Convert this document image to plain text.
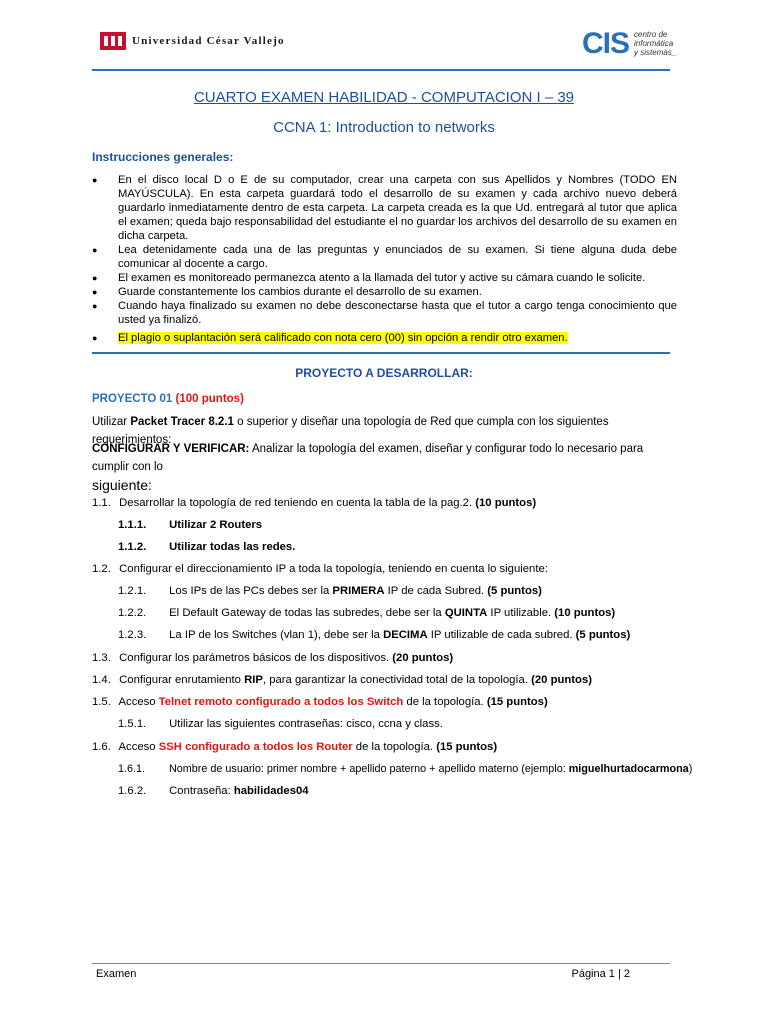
Universidad César Vallejo	CIS centro de
informática
y sistemas_
CUARTO EXAMEN HABILIDAD - COMPUTACION I – 39
CCNA 1: Introduction to networks
Instrucciones generales:
● En el disco local D o E de su computador, crear una carpeta con sus Apellidos y Nombres (TODO EN MAYÚSCULA). En esta carpeta guardará todo el desarrollo de su examen y cada archivo nuevo deberá guardarlo inmediatamente dentro de esta carpeta. La carpeta creada es la que Ud. entregará al tutor que aplica el examen; queda bajo responsabilidad del estudiante el no guardar los archivos del desarrollo de su examen en dicha carpeta.
● Lea detenidamente cada una de las preguntas y enunciados de su examen. Si tiene alguna duda debe comunicar al docente a cargo.
● El examen es monitoreado permanezca atento a la llamada del tutor y active su cámara cuando le solicite.
● Guarde constantemente los cambios durante el desarrollo de su examen.
● Cuando haya finalizado su examen no debe desconectarse hasta que el tutor a cargo tenga conocimiento que usted ya finalizó.
● El plagio o suplantación será calificado con nota cero (00) sin opción a rendir otro examen.
PROYECTO A DESARROLLAR:
PROYECTO 01 (100 puntos)
Utilizar Packet Tracer 8.2.1 o superior y diseñar una topología de Red que cumpla con los siguientes requerimientos:
CONFIGURAR Y VERIFICAR: Analizar la topología del examen, diseñar y configurar todo lo necesario para cumplir con lo
siguiente:
1.1. Desarrollar la topología de red teniendo en cuenta la tabla de la pag.2. (10 puntos)
1.1.1. Utilizar 2 Routers
1.1.2. Utilizar todas las redes.
1.2. Configurar el direccionamiento IP a toda la topología, teniendo en cuenta lo siguiente:
1.2.1. Los IPs de las PCs debes ser la PRIMERA IP de cada Subred. (5 puntos)
1.2.2. El Default Gateway de todas las subredes, debe ser la QUINTA IP utilizable. (10 puntos)
1.2.3. La IP de los Switches (vlan 1), debe ser la DECIMA IP utilizable de cada subred. (5 puntos)
1.3. Configurar los parámetros básicos de los dispositivos. (20 puntos)
1.4. Configurar enrutamiento RIP, para garantizar la conectividad total de la topología. (20 puntos)
1.5. Acceso Telnet remoto configurado a todos los Switch de la topología. (15 puntos)
1.5.1. Utilizar las siguientes contraseñas: cisco, ccna y class.
1.6. Acceso SSH configurado a todos los Router de la topología. (15 puntos)
1.6.1. Nombre de usuario: primer nombre + apellido paterno + apellido materno (ejemplo: miguelhurtadocarmona)
1.6.2. Contraseña: habilidades04
Examen	Página 1 | 2
